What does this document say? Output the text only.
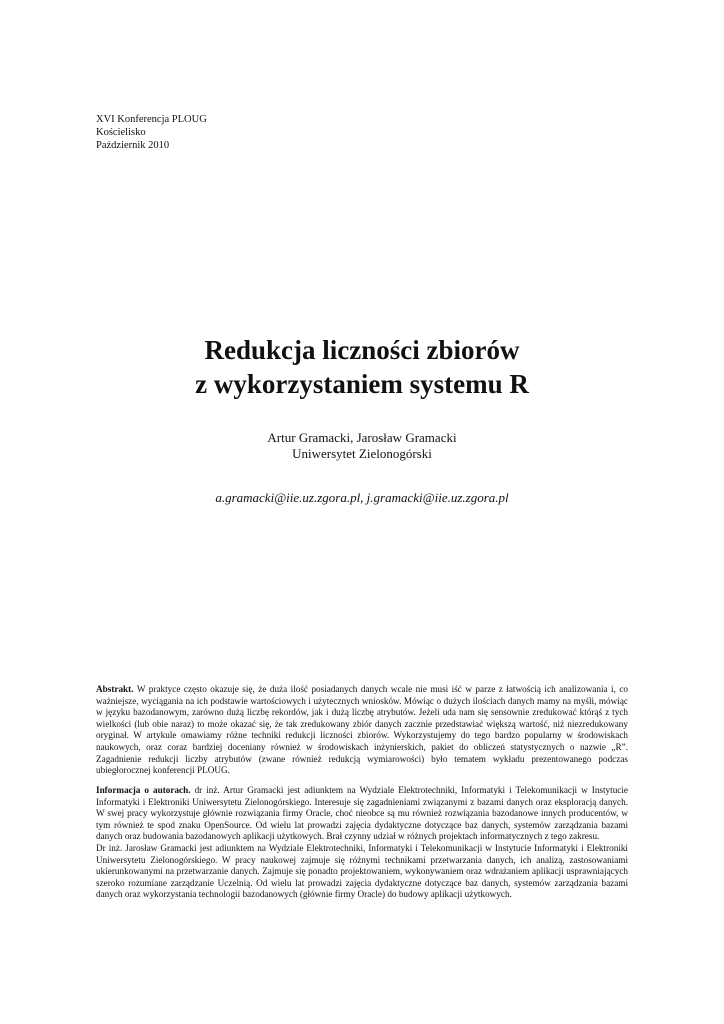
XVI Konferencja PLOUG
Kościelisko
Październik 2010
Redukcja liczności zbiorów
z wykorzystaniem systemu R
Artur Gramacki, Jarosław Gramacki
Uniwersytet Zielonogórski
a.gramacki@iie.uz.zgora.pl, j.gramacki@iie.uz.zgora.pl
Abstrakt. W praktyce często okazuje się, że duża ilość posiadanych danych wcale nie musi iść w parze z łatwością ich analizowania i, co ważniejsze, wyciągania na ich podstawie wartościowych i użytecznych wniosków. Mówiąc o dużych ilościach danych mamy na myśli, mówiąc w języku bazodanowym, zarówno dużą liczbę rekordów, jak i dużą liczbę atrybutów. Jeżeli uda nam się sensownie zredukować którąś z tych wielkości (lub obie naraz) to może okazać się, że tak zredukowany zbiór danych zacznie przedstawiać większą wartość, niż niezredukowany oryginał. W artykule omawiamy różne techniki redukcji liczności zbiorów. Wykorzystujemy do tego bardzo popularny w środowiskach naukowych, oraz coraz bardziej doceniany również w środowiskach inżynierskich, pakiet do obliczeń statystycznych o nazwie „R”. Zagadnienie redukcji liczby atrybutów (zwane również redukcją wymiarowości) było tematem wykładu prezentowanego podczas ubiegłorocznej konferencji PLOUG.

Informacja o autorach. dr inż. Artur Gramacki jest adiunktem na Wydziale Elektrotechniki, Informatyki i Telekomunikacji w Instytucie Informatyki i Elektroniki Uniwersytetu Zielonogórskiego. Interesuje się zagadnieniami związanymi z bazami danych oraz eksploracją danych. W swej pracy wykorzystuje głównie rozwiązania firmy Oracle, choć nieobce są mu również rozwiązania bazodanowe innych producentów, w tym również te spod znaku OpenSource. Od wielu lat prowadzi zajęcia dydaktyczne dotyczące baz danych, systemów zarządzania bazami danych oraz budowania bazodanowych aplikacji użytkowych. Brał czynny udział w różnych projektach informatycznych z tego zakresu.

Dr inż. Jarosław Gramacki jest adiunktem na Wydziale Elektrotechniki, Informatyki i Telekomunikacji w Instytucie Informatyki i Elektroniki Uniwersytetu Zielonogórskiego. W pracy naukowej zajmuje się różnymi technikami przetwarzania danych, ich analizą, zastosowaniami ukierunkowanymi na przetwarzanie danych. Zajmuje się ponadto projektowaniem, wykonywaniem oraz wdrażaniem aplikacji usprawniających szeroko rozumiane zarządzanie Uczelnią. Od wielu lat prowadzi zajęcia dydaktyczne dotyczące baz danych, systemów zarządzania bazami danych oraz wykorzystania technologii bazodanowych (głównie firmy Oracle) do budowy aplikacji użytkowych.
